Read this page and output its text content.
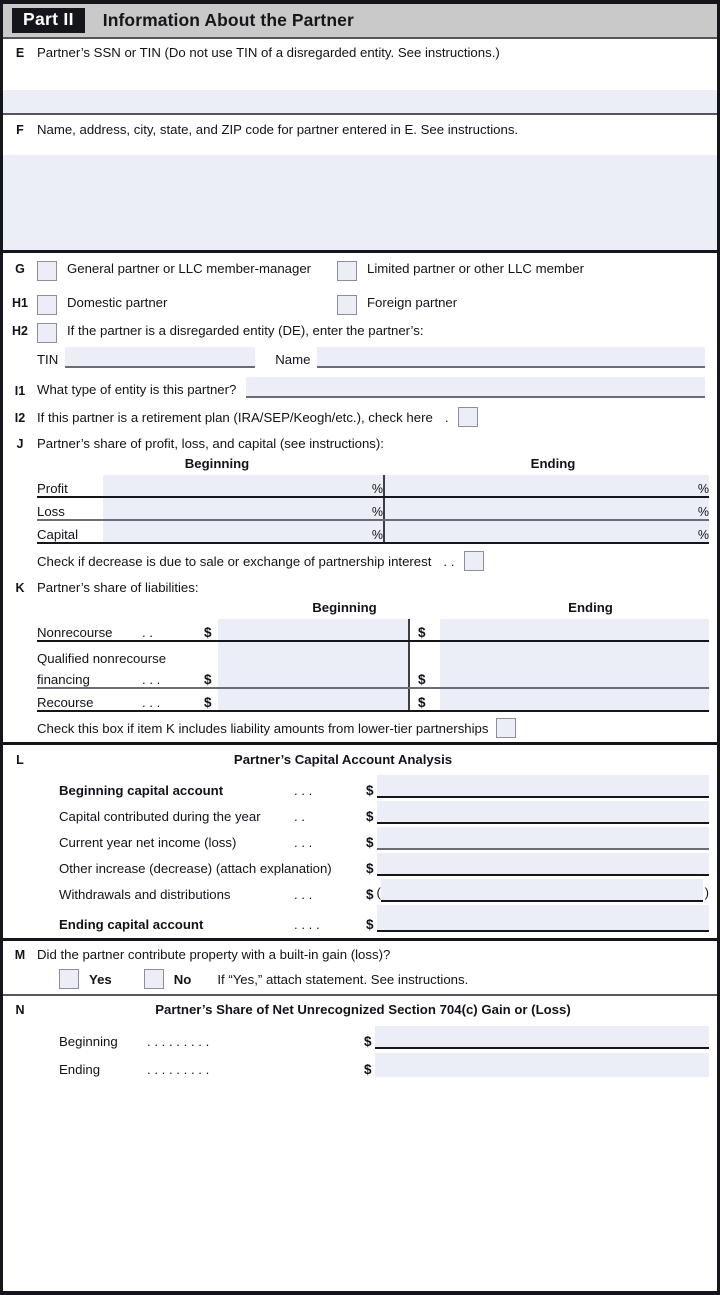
Part II	Information About the Partner
E Partner’s SSN or TIN (Do not use TIN of a disregarded entity. See instructions.)
F Name, address, city, state, and ZIP code for partner entered in E. See instructions.
G	General partner or LLC member-manager	Limited partner or other LLC member
H1	Domestic partner	Foreign partner
H2	If the partner is a disregarded entity (DE), enter the partner’s:
TIN	Name
I1 What type of entity is this partner?
I2 If this partner is a retirement plan (IRA/SEP/Keogh/etc.), check here .
J	Partner’s share of profit, loss, and capital (see instructions):
Beginning	Ending
Profit		%		%
Loss		%		%
Capital		%		%
Check if decrease is due to sale or exchange of partnership interest . .
K Partner’s share of liabilities:
Beginning	Ending
Nonrecourse	. .	$		$	
Qualified nonrecourse					
financing	. . .	$		$	
Recourse	. . .	$		$	
Check this box if item K includes liability amounts from lower-tier partnerships
L	Partner’s Capital Account Analysis
Beginning capital account	. . .	$
Capital contributed during the year	. .	$
Current year net income (loss)	. . .	$
Other increase (decrease) (attach explanation)	$
Withdrawals and distributions	. . .	$ (	)
Ending capital account	. . . .	$
M Did the partner contribute property with a built-in gain (loss)?
Yes	No If “Yes,” attach statement. See instructions.
N	Partner’s Share of Net Unrecognized Section 704(c) Gain or (Loss)
Beginning	. . . . . . . . .	$
Ending	. . . . . . . . .	$
